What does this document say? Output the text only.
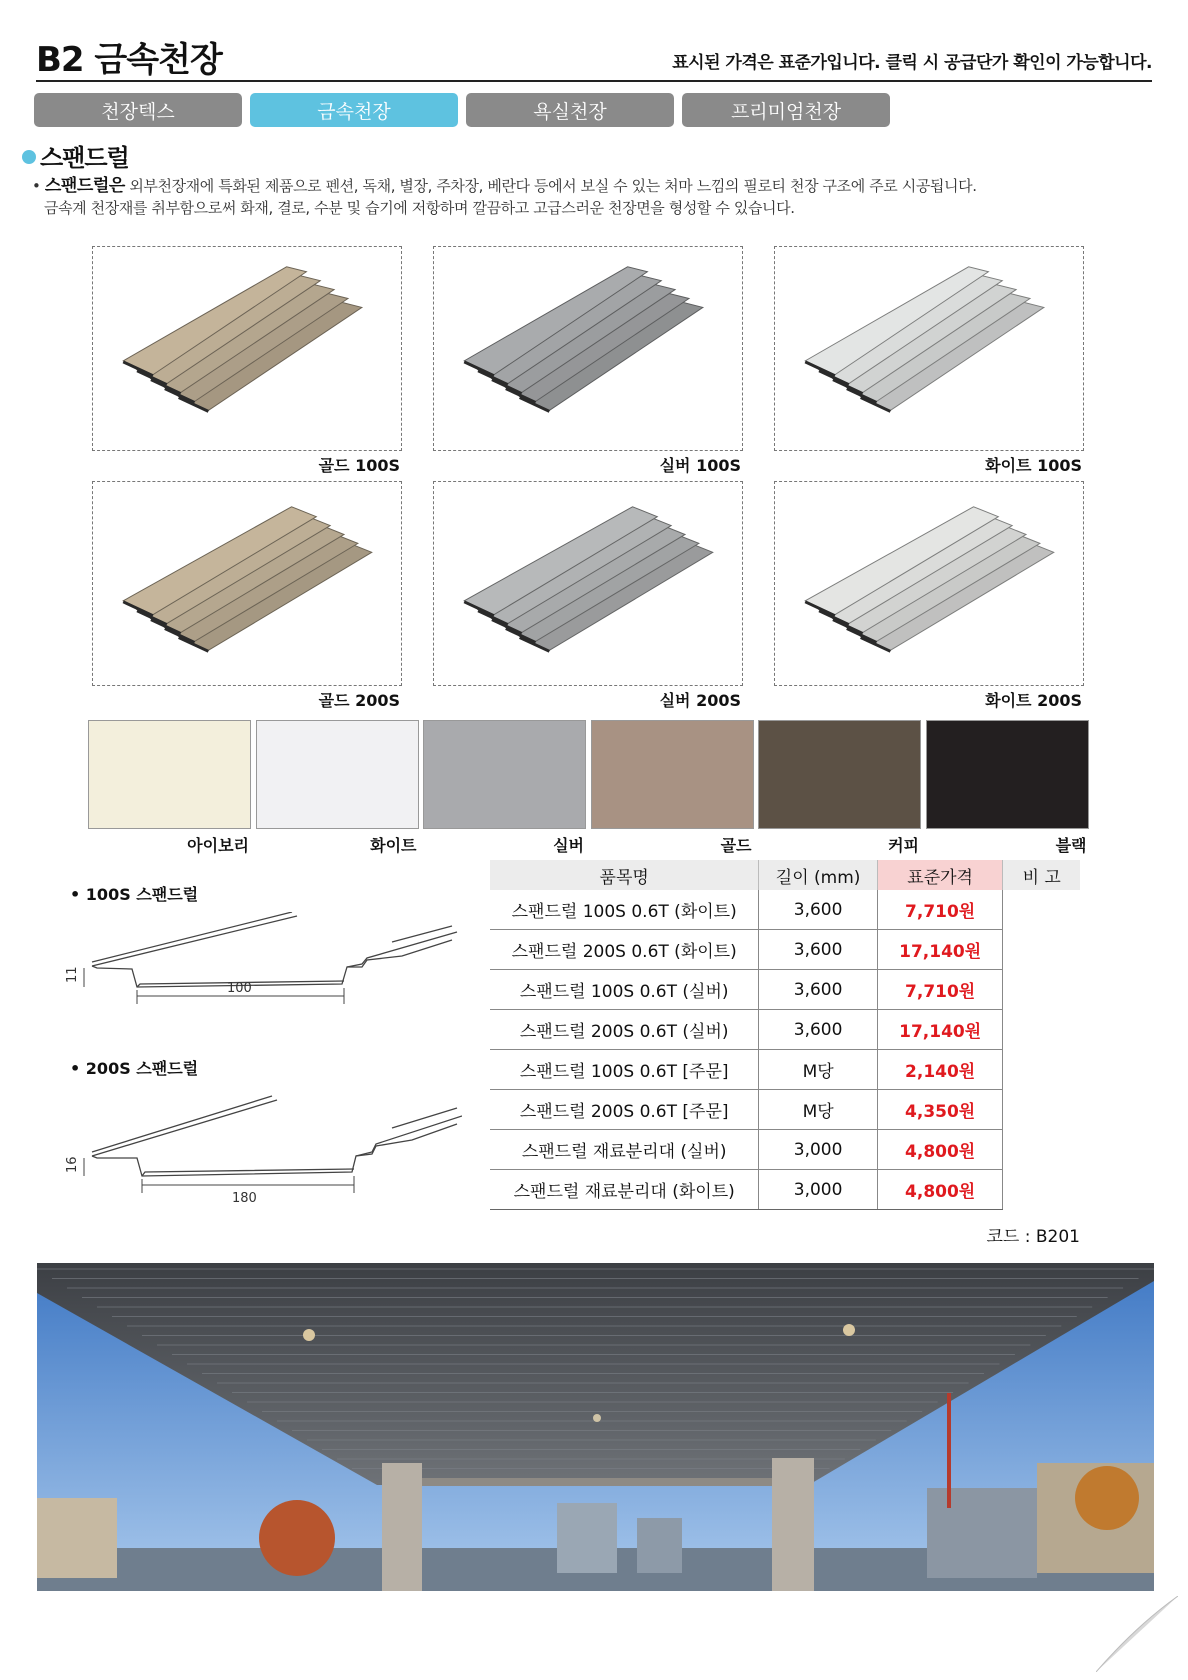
B2 금속천장	표시된 가격은 표준가입니다. 클릭 시 공급단가 확인이 가능합니다.
천장텍스	금속천장	욕실천장	프리미엄천장
스팬드럴
• 스팬드럴은 외부천장재에 특화된 제품으로 펜션, 독채, 별장, 주차장, 베란다 등에서 보실 수 있는 처마 느낌의 필로티 천장 구조에 주로 시공됩니다.
금속계 천장재를 취부함으로써 화재, 결로, 수분 및 습기에 저항하며 깔끔하고 고급스러운 천장면을 형성할 수 있습니다.
골드 100S	실버 100S	화이트 100S
골드 200S	실버 200S	화이트 200S
아이보리	화이트	실버	골드	커피	블랙
• 100S 스팬드럴
11
100
• 200S 스팬드럴
16
180
품목명	길이 (mm)	표준가격	비 고
스팬드럴 100S 0.6T (화이트)	3,600	7,710원	
스팬드럴 200S 0.6T (화이트)	3,600	17,140원	
스팬드럴 100S 0.6T (실버)	3,600	7,710원	
스팬드럴 200S 0.6T (실버)	3,600	17,140원	
스팬드럴 100S 0.6T [주문]	M당	2,140원	
스팬드럴 200S 0.6T [주문]	M당	4,350원	
스팬드럴 재료분리대 (실버)	3,000	4,800원	
스팬드럴 재료분리대 (화이트)	3,000	4,800원	
코드 : B201
